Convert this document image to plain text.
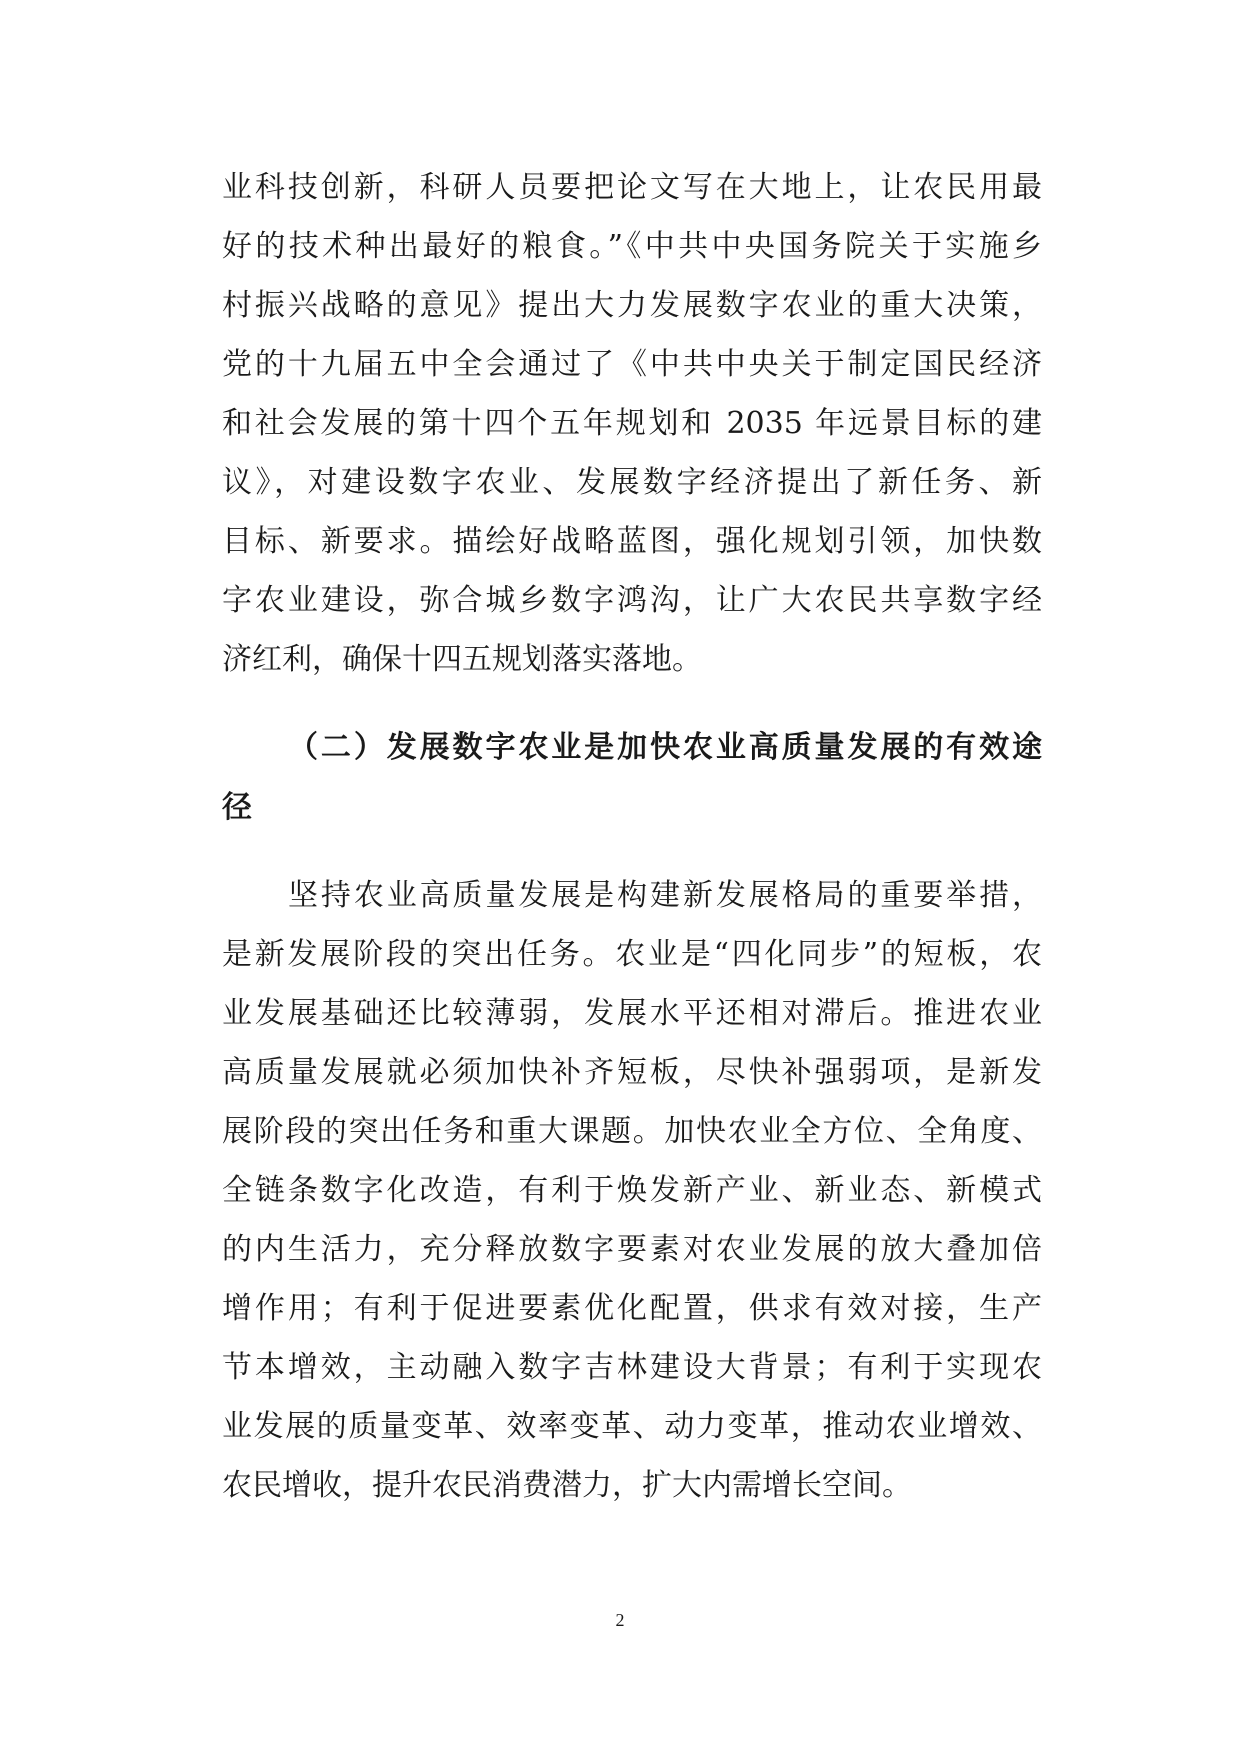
业科技创新，科研人员要把论文写在大地上，让农民用最
好的技术种出最好的粮食。”《中共中央国务院关于实施乡
村振兴战略的意见》提出大力发展数字农业的重大决策，
党的十九届五中全会通过了《中共中央关于制定国民经济
和社会发展的第十四个五年规划和 2035 年远景目标的建
议》，对建设数字农业、发展数字经济提出了新任务、新
目标、新要求。描绘好战略蓝图，强化规划引领，加快数
字农业建设，弥合城乡数字鸿沟，让广大农民共享数字经
济红利，确保十四五规划落实落地。
（二）发展数字农业是加快农业高质量发展的有效途
径
坚持农业高质量发展是构建新发展格局的重要举措，
是新发展阶段的突出任务。农业是“四化同步”的短板，农
业发展基础还比较薄弱，发展水平还相对滞后。推进农业
高质量发展就必须加快补齐短板，尽快补强弱项，是新发
展阶段的突出任务和重大课题。加快农业全方位、全角度、
全链条数字化改造，有利于焕发新产业、新业态、新模式
的内生活力，充分释放数字要素对农业发展的放大叠加倍
增作用；有利于促进要素优化配置，供求有效对接，生产
节本增效，主动融入数字吉林建设大背景；有利于实现农
业发展的质量变革、效率变革、动力变革，推动农业增效、
农民增收，提升农民消费潜力，扩大内需增长空间。
2
